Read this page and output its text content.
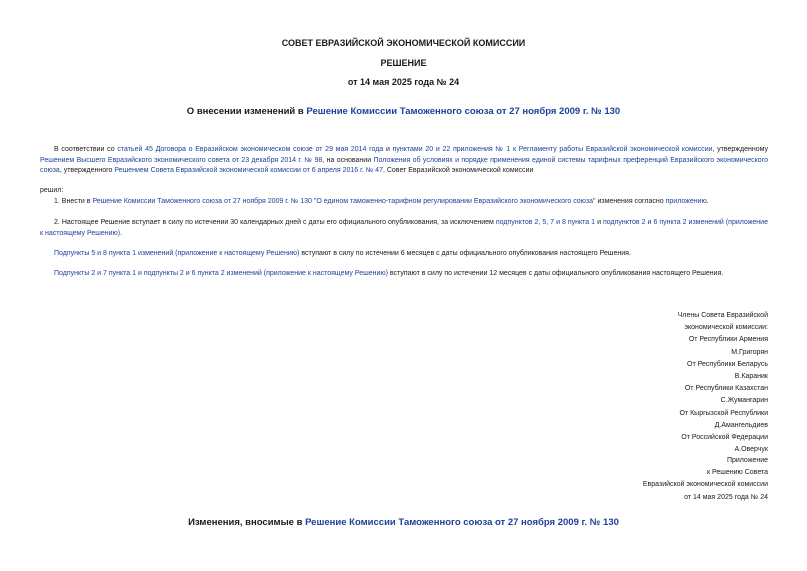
СОВЕТ ЕВРАЗИЙСКОЙ ЭКОНОМИЧЕСКОЙ КОМИССИИ
РЕШЕНИЕ
от 14 мая 2025 года № 24
О внесении изменений в Решение Комиссии Таможенного союза от 27 ноября 2009 г. № 130
В соответствии со статьей 45 Договора о Евразийском экономическом союзе от 29 мая 2014 года и пунктами 20 и 22 приложения № 1 к Регламенту работы Евразийской экономической комиссии, утвержденному Решением Высшего Евразийского экономического совета от 23 декабря 2014 г. № 98, на основании Положения об условиях и порядке применения единой системы тарифных преференций Евразийского экономического союза, утвержденного Решением Совета Евразийской экономической комиссии от 6 апреля 2016 г. № 47, Совет Евразийской экономической комиссии
решил:
1. Внести в Решение Комиссии Таможенного союза от 27 ноября 2009 г. № 130 "О едином таможенно-тарифном регулировании Евразийского экономического союза" изменения согласно приложению.
2. Настоящее Решение вступает в силу по истечении 30 календарных дней с даты его официального опубликования, за исключением подпунктов 2, 5, 7 и 8 пункта 1 и подпунктов 2 и 6 пункта 2 изменений (приложение к настоящему Решению).
Подпункты 5 и 8 пункта 1 изменений (приложение к настоящему Решению) вступают в силу по истечении 6 месяцев с даты официального опубликования настоящего Решения.
Подпункты 2 и 7 пункта 1 и подпункты 2 и 6 пункта 2 изменений (приложение к настоящему Решению) вступают в силу по истечении 12 месяцев с даты официального опубликования настоящего Решения.
Члены Совета Евразийской
экономической комиссии:
От Республики Армения
М.Григорян
От Республики Беларусь
В.Караник
От Республики Казахстан
С.Жумангарин
От Кыргызской Республики
Д.Амангельдиев
От Российской Федерации
А.Оверчук
Приложение
к Решению Совета
Евразийской экономической комиссии
от 14 мая 2025 года № 24
Изменения, вносимые в Решение Комиссии Таможенного союза от 27 ноября 2009 г. № 130
